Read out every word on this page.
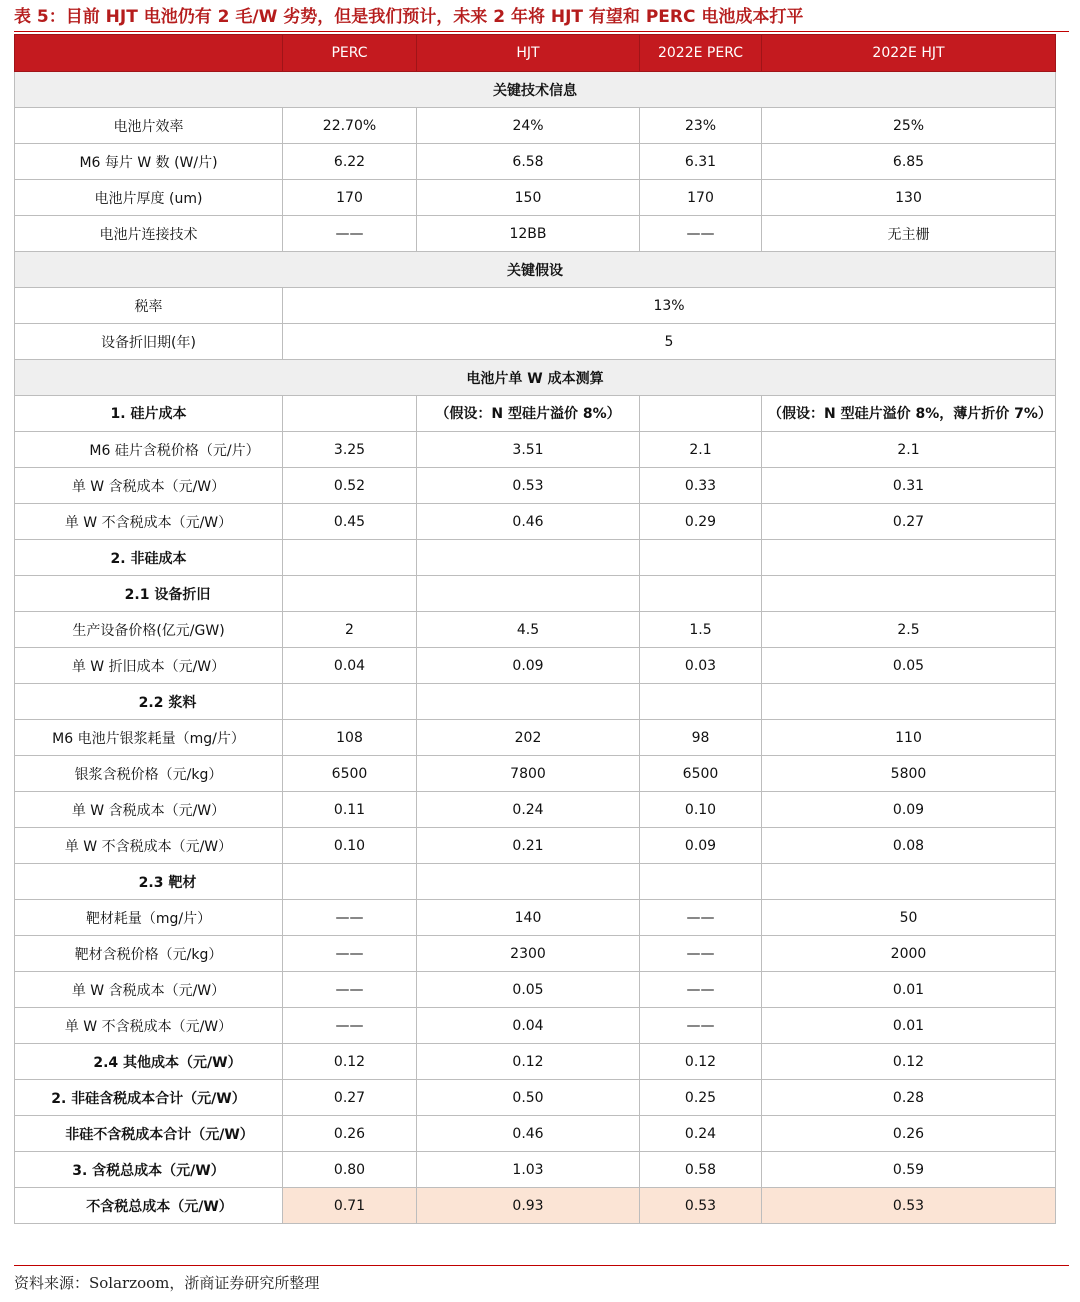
表 5：目前 HJT 电池仍有 2 毛/W 劣势，但是我们预计，未来 2 年将 HJT 有望和 PERC 电池成本打平
	PERC	HJT	2022E PERC	2022E HJT
关键技术信息				
电池片效率	22.70%	24%	23%	25%
M6 每片 W 数 (W/片)	6.22	6.58	6.31	6.85
电池片厚度 (um)	170	150	170	130
电池片连接技术	——	12BB	——	无主栅
关键假设				
税率	13%			
设备折旧期(年)	5			
电池片单 W 成本测算				
1. 硅片成本		（假设：N 型硅片溢价 8%）		（假设：N 型硅片溢价 8%，薄片折价 7%）
M6 硅片含税价格（元/片）	3.25	3.51	2.1	2.1
单 W 含税成本（元/W）	0.52	0.53	0.33	0.31
单 W 不含税成本（元/W）	0.45	0.46	0.29	0.27
2. 非硅成本				
2.1 设备折旧				
生产设备价格(亿元/GW)	2	4.5	1.5	2.5
单 W 折旧成本（元/W）	0.04	0.09	0.03	0.05
2.2 浆料				
M6 电池片银浆耗量（mg/片）	108	202	98	110
银浆含税价格（元/kg）	6500	7800	6500	5800
单 W 含税成本（元/W）	0.11	0.24	0.10	0.09
单 W 不含税成本（元/W）	0.10	0.21	0.09	0.08
2.3 靶材				
靶材耗量（mg/片）	——	140	——	50
靶材含税价格（元/kg）	——	2300	——	2000
单 W 含税成本（元/W）	——	0.05	——	0.01
单 W 不含税成本（元/W）	——	0.04	——	0.01
2.4 其他成本（元/W）	0.12	0.12	0.12	0.12
2. 非硅含税成本合计（元/W）	0.27	0.50	0.25	0.28
非硅不含税成本合计（元/W）	0.26	0.46	0.24	0.26
3. 含税总成本（元/W）	0.80	1.03	0.58	0.59
不含税总成本（元/W）	0.71	0.93	0.53	0.53
资料来源：Solarzoom，浙商证券研究所整理
